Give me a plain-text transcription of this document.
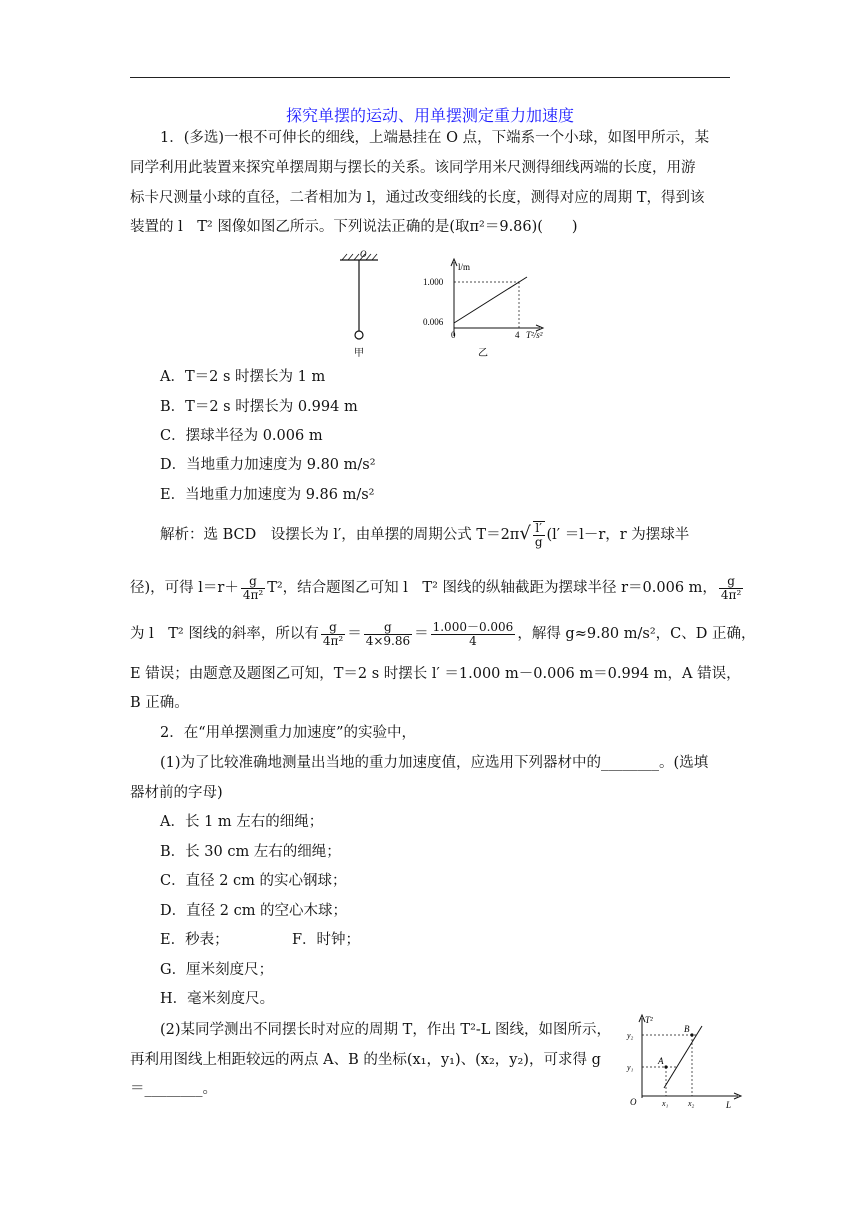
探究单摆的运动、用单摆测定重力加速度
1．(多选)一根不可伸长的细线，上端悬挂在 O 点，下端系一个小球，如图甲所示，某
同学利用此装置来探究单摆周期与摆长的关系。该同学用米尺测得细线两端的长度，用游
标卡尺测量小球的直径，二者相加为 l，通过改变细线的长度，测得对应的周期 T，得到该
装置的 l　T² 图像如图乙所示。下列说法正确的是(取π²＝9.86)(　　)
O
甲
l/m
1.000
0.006
0	4 T²/s²
乙
A．T＝2 s 时摆长为 1 m
B．T＝2 s 时摆长为 0.994 m
C．摆球半径为 0.006 m
D．当地重力加速度为 9.80 m/s²
E．当地重力加速度为 9.86 m/s²
解析：选 BCD　设摆长为 l′，由单摆的周期公式 $T=2\pi√ \frac{l'}{g} (l' =l-r$，r 为摆球半
径)，可得 $l=r+ \frac{g}{\text{4π²}} T^2$，结合题图乙可知 l　T² 图线的纵轴截距为摆球半径 r＝0.006 m， $\frac{g}{\text{4π²}}$
为 l　T² 图线的斜率，所以有 $\frac{g}{\text{4π²}} = \frac{g}{4\times 9.86} = \frac{1.000-0.006}{4}$ ，解得 g≈9.80 m/s²，C、D 正确，
E 错误；由题意及题图乙可知，T＝2 s 时摆长 l′ ＝1.000 m－0.006 m＝0.994 m，A 错误，
B 正确。
2．在“用单摆测重力加速度”的实验中，
(1)为了比较准确地测量出当地的重力加速度值，应选用下列器材中的________。(选填
器材前的字母)
A．长 1 m 左右的细绳；
B．长 30 cm 左右的细绳；
C．直径 2 cm 的实心钢球；
D．直径 2 cm 的空心木球；
E．秒表；	F．时钟；
G．厘米刻度尺；
H．毫米刻度尺。
(2)某同学测出不同摆长时对应的周期 T，作出 T²-L 图线，如图所示，
再利用图线上相距较远的两点 A、B 的坐标(x₁，y₁)、(x₂，y₂)，可求得 g
＝________。
T²
y₂
y₁
O	x₁ x₂	L
A
B
